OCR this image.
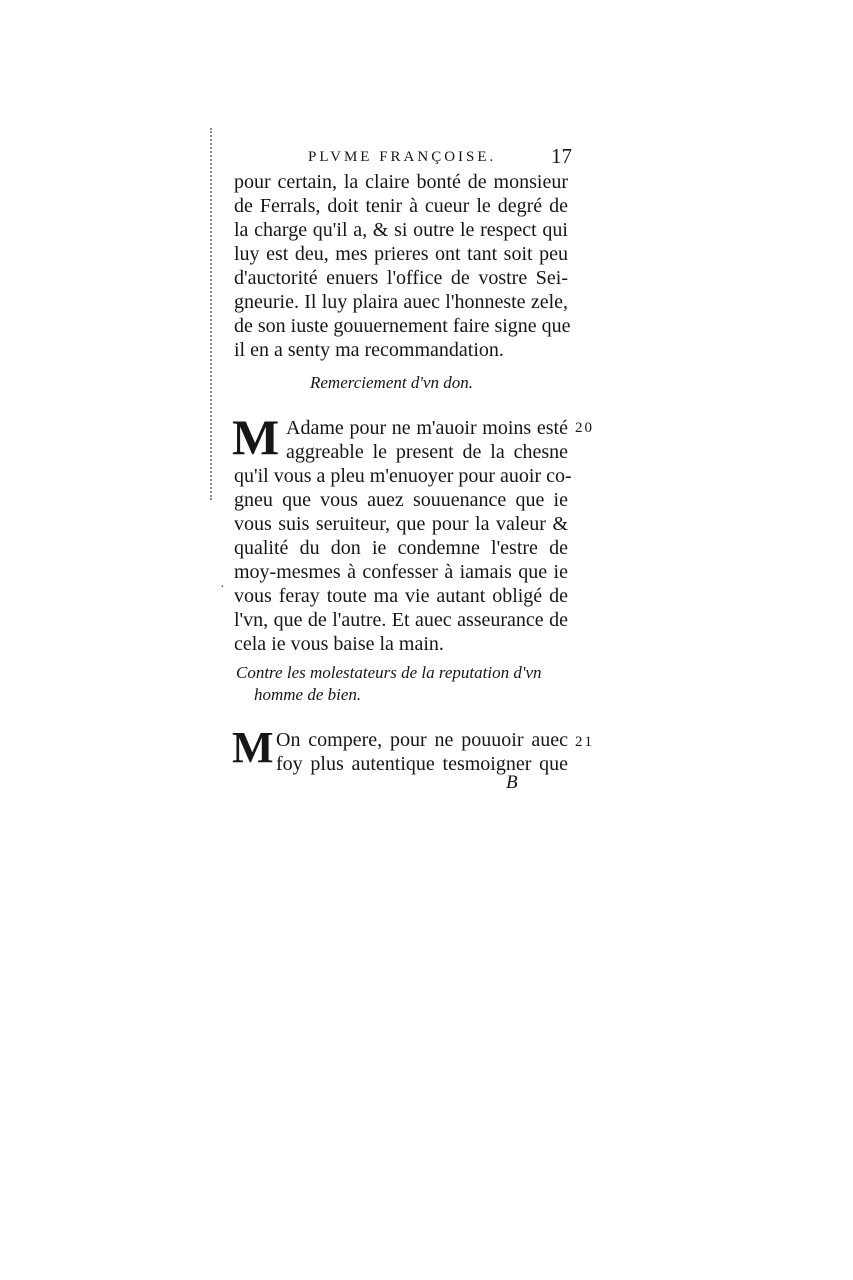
PLVME FRANÇOISE.	17
pour certain, la claire bonté de monsieur
de Ferrals, doit tenir à cueur le degré de
la charge qu'il a, & si outre le respect qui
luy est deu, mes prieres ont tant soit peu
d'auctorité enuers l'office de vostre Sei-
gneurie. Il luy plaira auec l'honneste zele,
de son iuste gouuernement faire signe que
il en a senty ma recommandation.
Remerciement d'vn don.
20
M Adame pour ne m'auoir moins esté
aggreable le present de la chesne
qu'il vous a pleu m'enuoyer pour auoir co-
gneu que vous auez souuenance que ie
vous suis seruiteur, que pour la valeur &
qualité du don ie condemne l'estre de
moy-mesmes à confesser à iamais que ie
· vous feray toute ma vie autant obligé de
l'vn, que de l'autre. Et auec asseurance de
cela ie vous baise la main.
Contre les molestateurs de la reputation d'vn
homme de bien.
21
M On compere, pour ne pouuoir auec
foy plus autentique tesmoigner que
B
